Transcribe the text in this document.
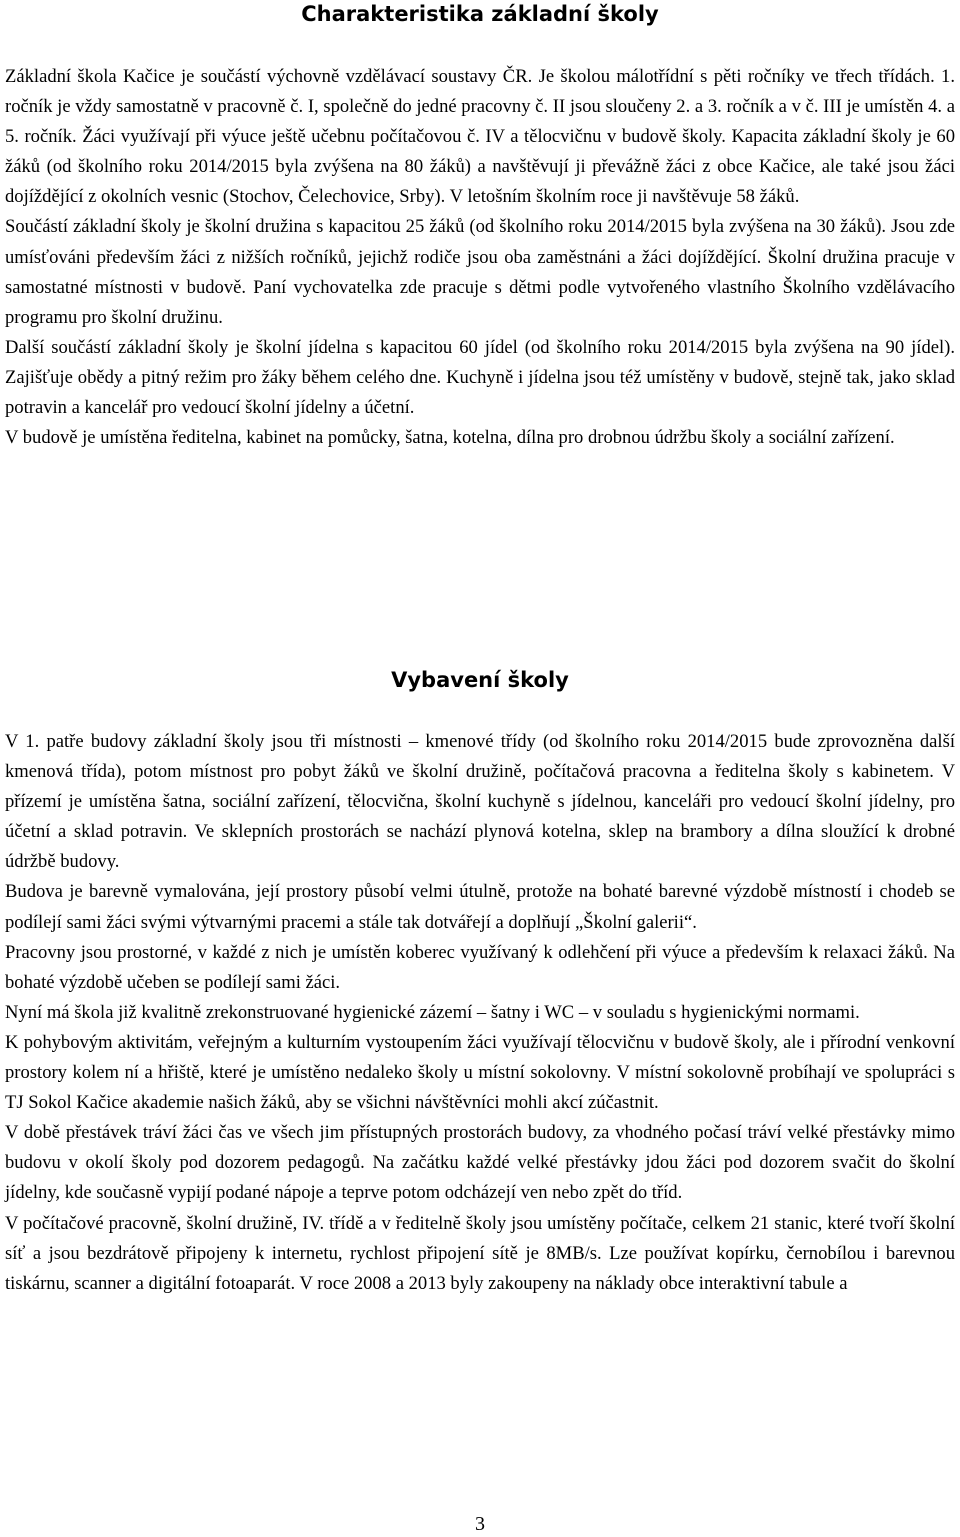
Charakteristika základní školy

Základní škola Kačice je součástí výchovně vzdělávací soustavy ČR. Je školou málotřídní s pěti ročníky ve třech třídách. 1. ročník je vždy samostatně v pracovně č. I, společně do jedné pracovny č. II jsou sloučeny 2. a 3. ročník a v č. III je umístěn 4. a 5. ročník. Žáci využívají při výuce ještě učebnu počítačovou č. IV a tělocvičnu v budově školy. Kapacita základní školy je 60 žáků (od školního roku 2014/2015 byla zvýšena na 80 žáků) a navštěvují ji převážně žáci z obce Kačice, ale také jsou žáci dojíždějící z okolních vesnic (Stochov, Čelechovice, Srby). V letošním školním roce ji navštěvuje 58 žáků.

Součástí základní školy je školní družina s kapacitou 25 žáků (od školního roku 2014/2015 byla zvýšena na 30 žáků). Jsou zde umísťováni především žáci z nižších ročníků, jejichž rodiče jsou oba zaměstnáni a žáci dojíždějící. Školní družina pracuje v samostatné místnosti v budově. Paní vychovatelka zde pracuje s dětmi podle vytvořeného vlastního Školního vzdělávacího programu pro školní družinu.

Další součástí základní školy je školní jídelna s kapacitou 60 jídel (od školního roku 2014/2015 byla zvýšena na 90 jídel). Zajišťuje obědy a pitný režim pro žáky během celého dne. Kuchyně i jídelna jsou též umístěny v budově, stejně tak, jako sklad potravin a kancelář pro vedoucí školní jídelny a účetní.

V budově je umístěna ředitelna, kabinet na pomůcky, šatna, kotelna, dílna pro drobnou údržbu školy a sociální zařízení.

Vybavení školy

V 1. patře budovy základní školy jsou tři místnosti – kmenové třídy (od školního roku 2014/2015 bude zprovozněna další kmenová třída), potom místnost pro pobyt žáků ve školní družině, počítačová pracovna a ředitelna školy s kabinetem. V přízemí je umístěna šatna, sociální zařízení, tělocvična, školní kuchyně s jídelnou, kanceláři pro vedoucí školní jídelny, pro účetní a sklad potravin. Ve sklepních prostorách se nachází plynová kotelna, sklep na brambory a dílna sloužící k drobné údržbě budovy.

Budova je barevně vymalována, její prostory působí velmi útulně, protože na bohaté barevné výzdobě místností i chodeb se podílejí sami žáci svými výtvarnými pracemi a stále tak dotvářejí a doplňují „Školní galerii“.

Pracovny jsou prostorné, v každé z nich je umístěn koberec využívaný k odlehčení při výuce a především k relaxaci žáků. Na bohaté výzdobě učeben se podílejí sami žáci.

Nyní má škola již kvalitně zrekonstruované hygienické zázemí – šatny i WC – v souladu s hygienickými normami.

K pohybovým aktivitám, veřejným a kulturním vystoupením žáci využívají tělocvičnu v budově školy, ale i přírodní venkovní prostory kolem ní a hřiště, které je umístěno nedaleko školy u místní sokolovny. V místní sokolovně probíhají ve spolupráci s TJ Sokol Kačice akademie našich žáků, aby se všichni návštěvníci mohli akcí zúčastnit.

V době přestávek tráví žáci čas ve všech jim přístupných prostorách budovy, za vhodného počasí tráví velké přestávky mimo budovu v okolí školy pod dozorem pedagogů. Na začátku každé velké přestávky jdou žáci pod dozorem svačit do školní jídelny, kde současně vypijí podané nápoje a teprve potom odcházejí ven nebo zpět do tříd.

V počítačové pracovně, školní družině, IV. třídě a v ředitelně školy jsou umístěny počítače, celkem 21 stanic, které tvoří školní síť a jsou bezdrátově připojeny k internetu, rychlost připojení sítě je 8MB/s. Lze používat kopírku, černobílou i barevnou tiskárnu, scanner a digitální fotoaparát. V roce 2008 a 2013 byly zakoupeny na náklady obce interaktivní tabule a

3
